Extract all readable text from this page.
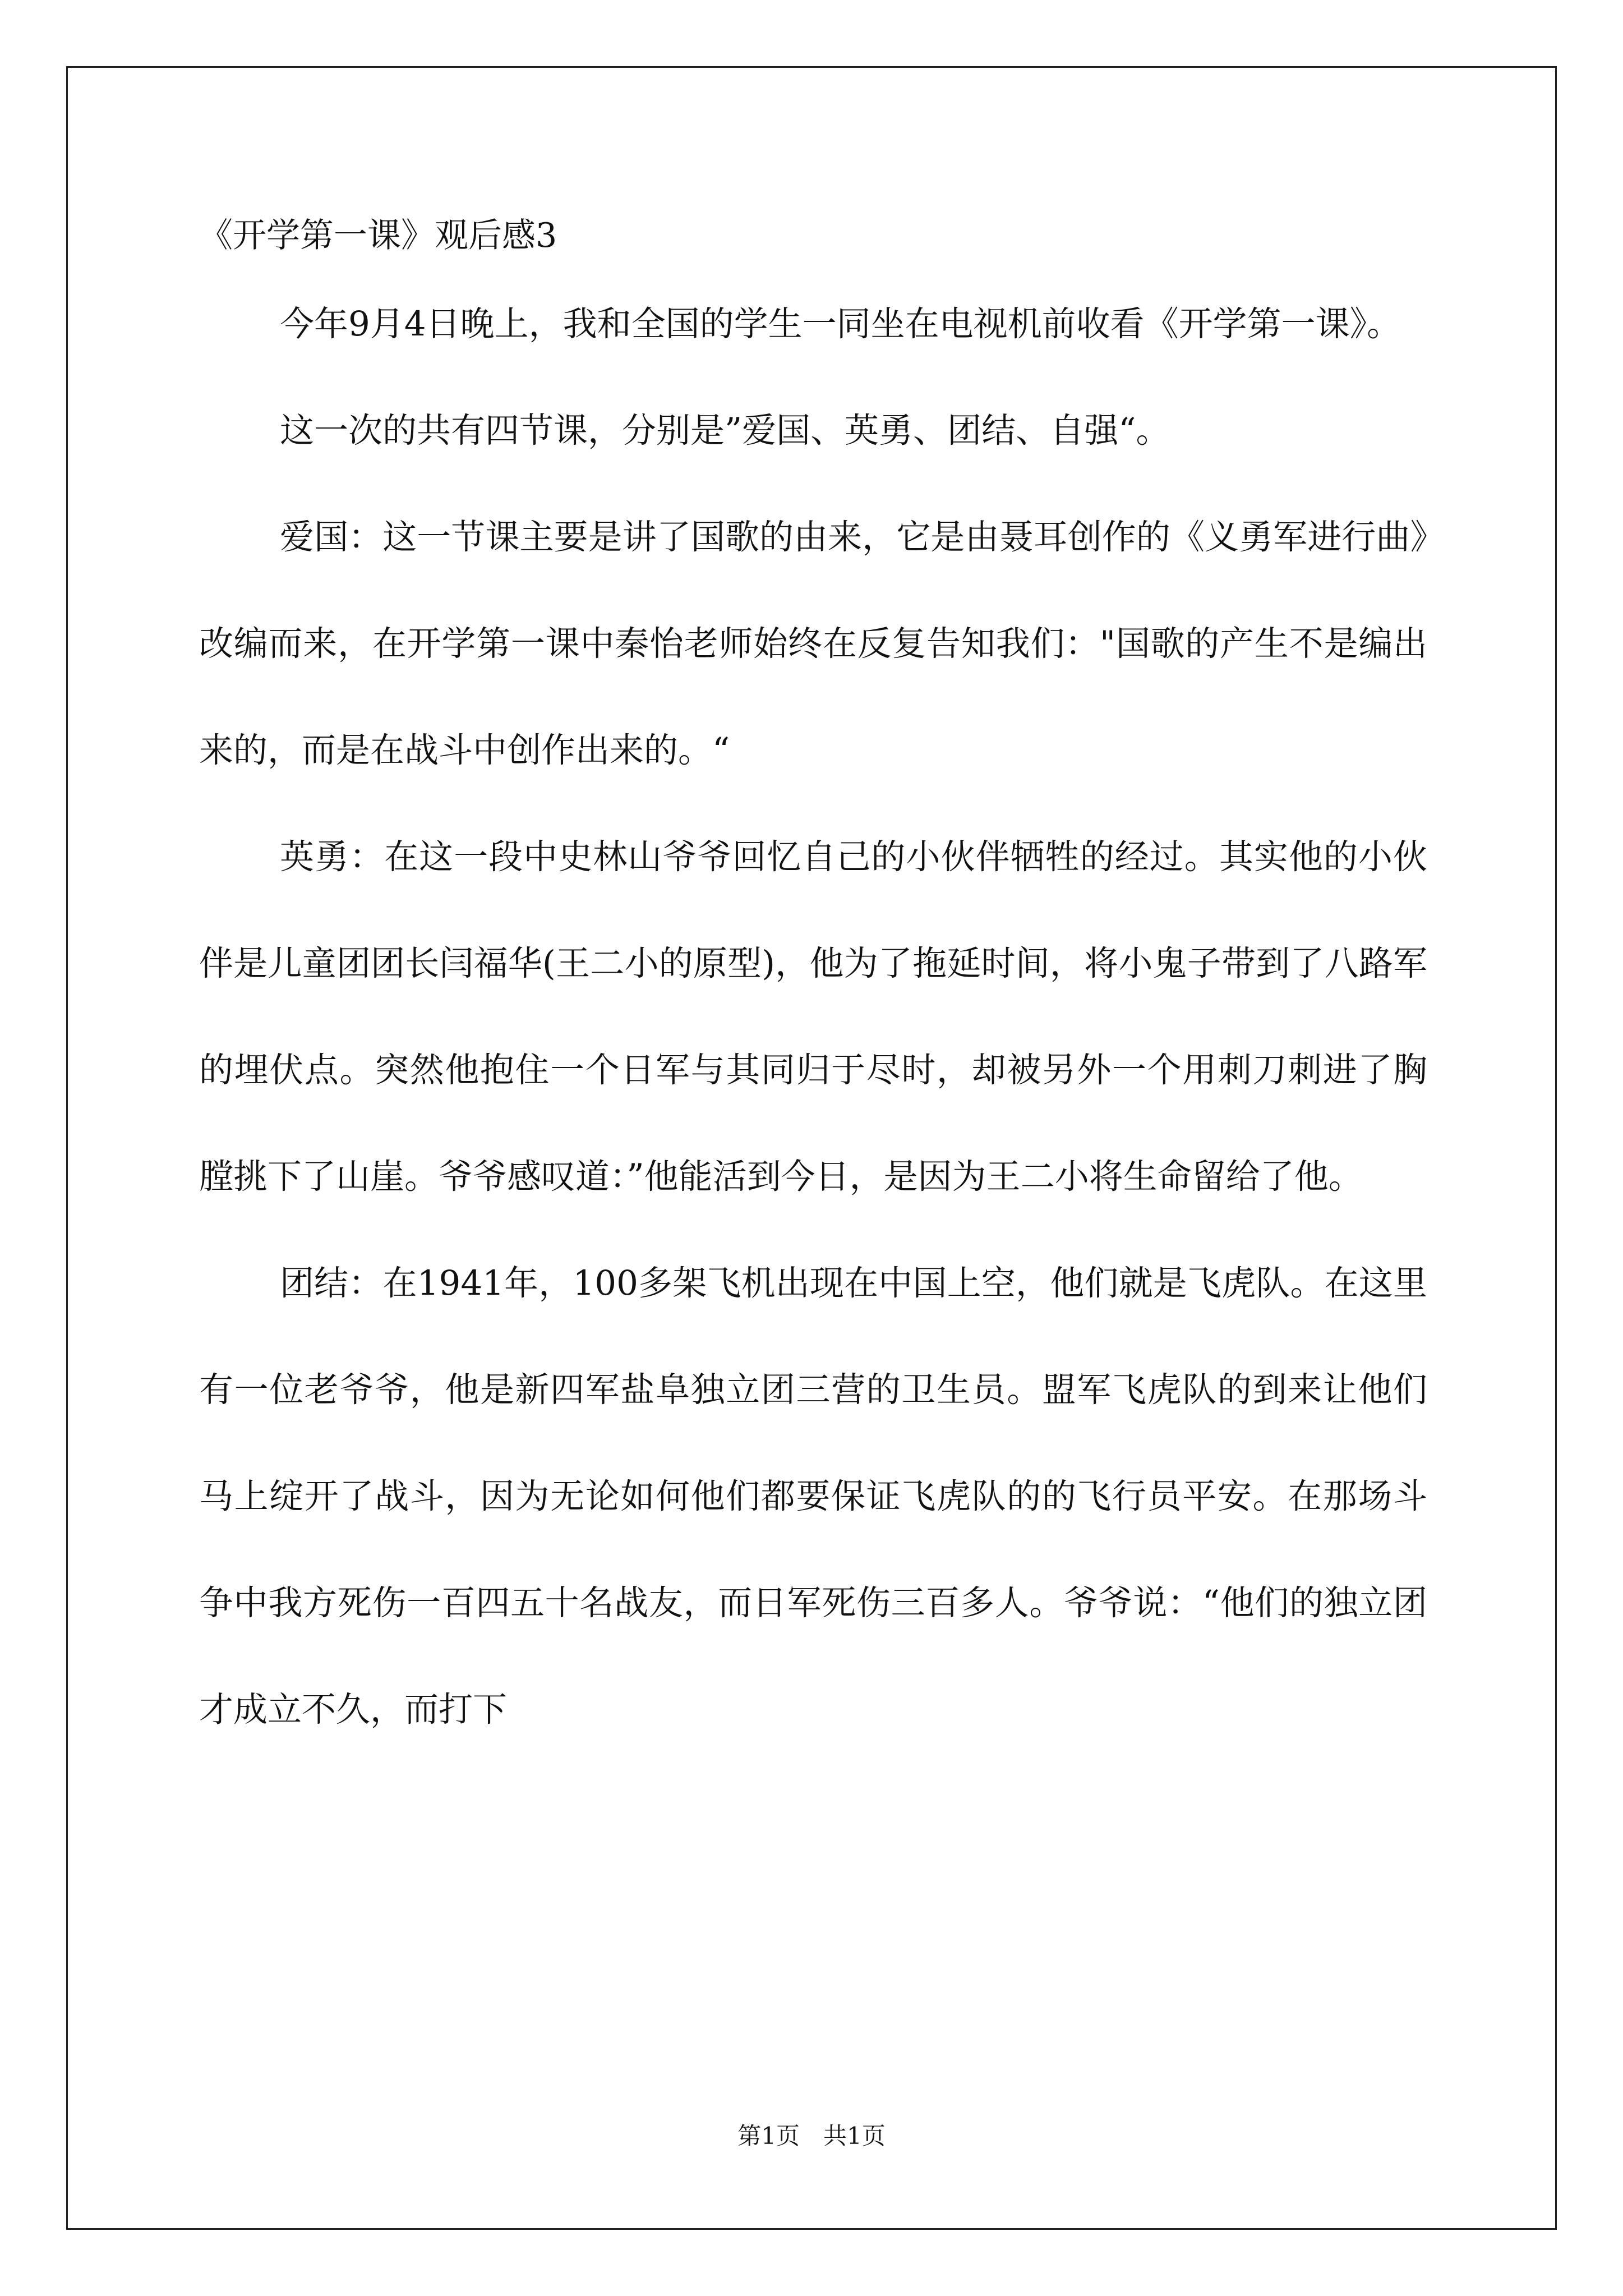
《开学第一课》观后感3

今年9月4日晚上，我和全国的学生一同坐在电视机前收看《开学第一课》。

这一次的共有四节课，分别是”爱国、英勇、团结、自强“。

爱国：这一节课主要是讲了国歌的由来，它是由聂耳创作的《义勇军进行曲》改编而来，在开学第一课中秦怡老师始终在反复告知我们："国歌的产生不是编出来的，而是在战斗中创作出来的。“

英勇：在这一段中史林山爷爷回忆自己的小伙伴牺牲的经过。其实他的小伙伴是儿童团团长闫福华(王二小的原型)，他为了拖延时间，将小鬼子带到了八路军的埋伏点。突然他抱住一个日军与其同归于尽时，却被另外一个用刺刀刺进了胸膛挑下了山崖。爷爷感叹道：”他能活到今日，是因为王二小将生命留给了他。

团结：在1941年，100多架飞机出现在中国上空，他们就是飞虎队。在这里有一位老爷爷，他是新四军盐阜独立团三营的卫生员。盟军飞虎队的到来让他们马上绽开了战斗，因为无论如何他们都要保证飞虎队的的飞行员平安。在那场斗争中我方死伤一百四五十名战友，而日军死伤三百多人。爷爷说：“他们的独立团才成立不久，而打下

第1页　共1页
